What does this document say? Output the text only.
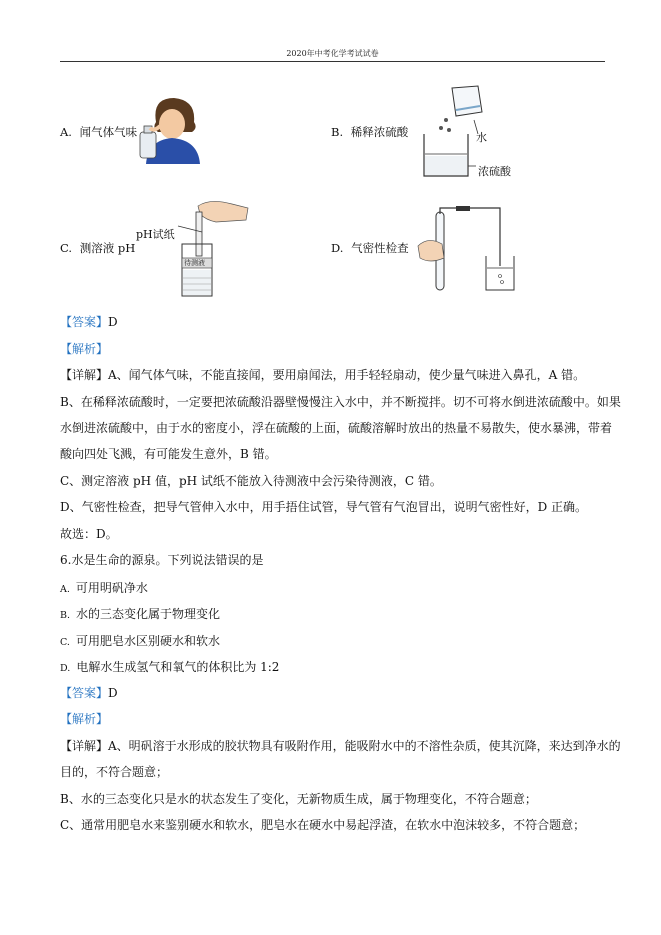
2020年中考化学考试试卷
A. 闻气体气味	B. 稀释浓硫酸	水
浓硫酸
C. 测溶液 pH
pH试纸
待测液
D. 气密性检查
【答案】D
【解析】
【详解】A、闻气体气味，不能直接闻，要用扇闻法，用手轻轻扇动，使少量气味进入鼻孔，A 错。
B、在稀释浓硫酸时，一定要把浓硫酸沿器壁慢慢注入水中，并不断搅拌。切不可将水倒进浓硫酸中。如果
水倒进浓硫酸中，由于水的密度小，浮在硫酸的上面，硫酸溶解时放出的热量不易散失，使水暴沸，带着
酸向四处飞溅，有可能发生意外，B 错。
C、测定溶液 pH 值，pH 试纸不能放入待测液中会污染待测液，C 错。
D、气密性检查，把导气管伸入水中，用手捂住试管，导气管有气泡冒出，说明气密性好，D 正确。
故选：D。
6.水是生命的源泉。下列说法错误的是
A. 可用明矾净水
B. 水的三态变化属于物理变化
C. 可用肥皂水区别硬水和软水
D. 电解水生成氢气和氧气的体积比为 1:2
【答案】D
【解析】
【详解】A、明矾溶于水形成的胶状物具有吸附作用，能吸附水中的不溶性杂质，使其沉降，来达到净水的
目的，不符合题意；
B、水的三态变化只是水的状态发生了变化，无新物质生成，属于物理变化，不符合题意；
C、通常用肥皂水来鉴别硬水和软水，肥皂水在硬水中易起浮渣，在软水中泡沫较多，不符合题意；
